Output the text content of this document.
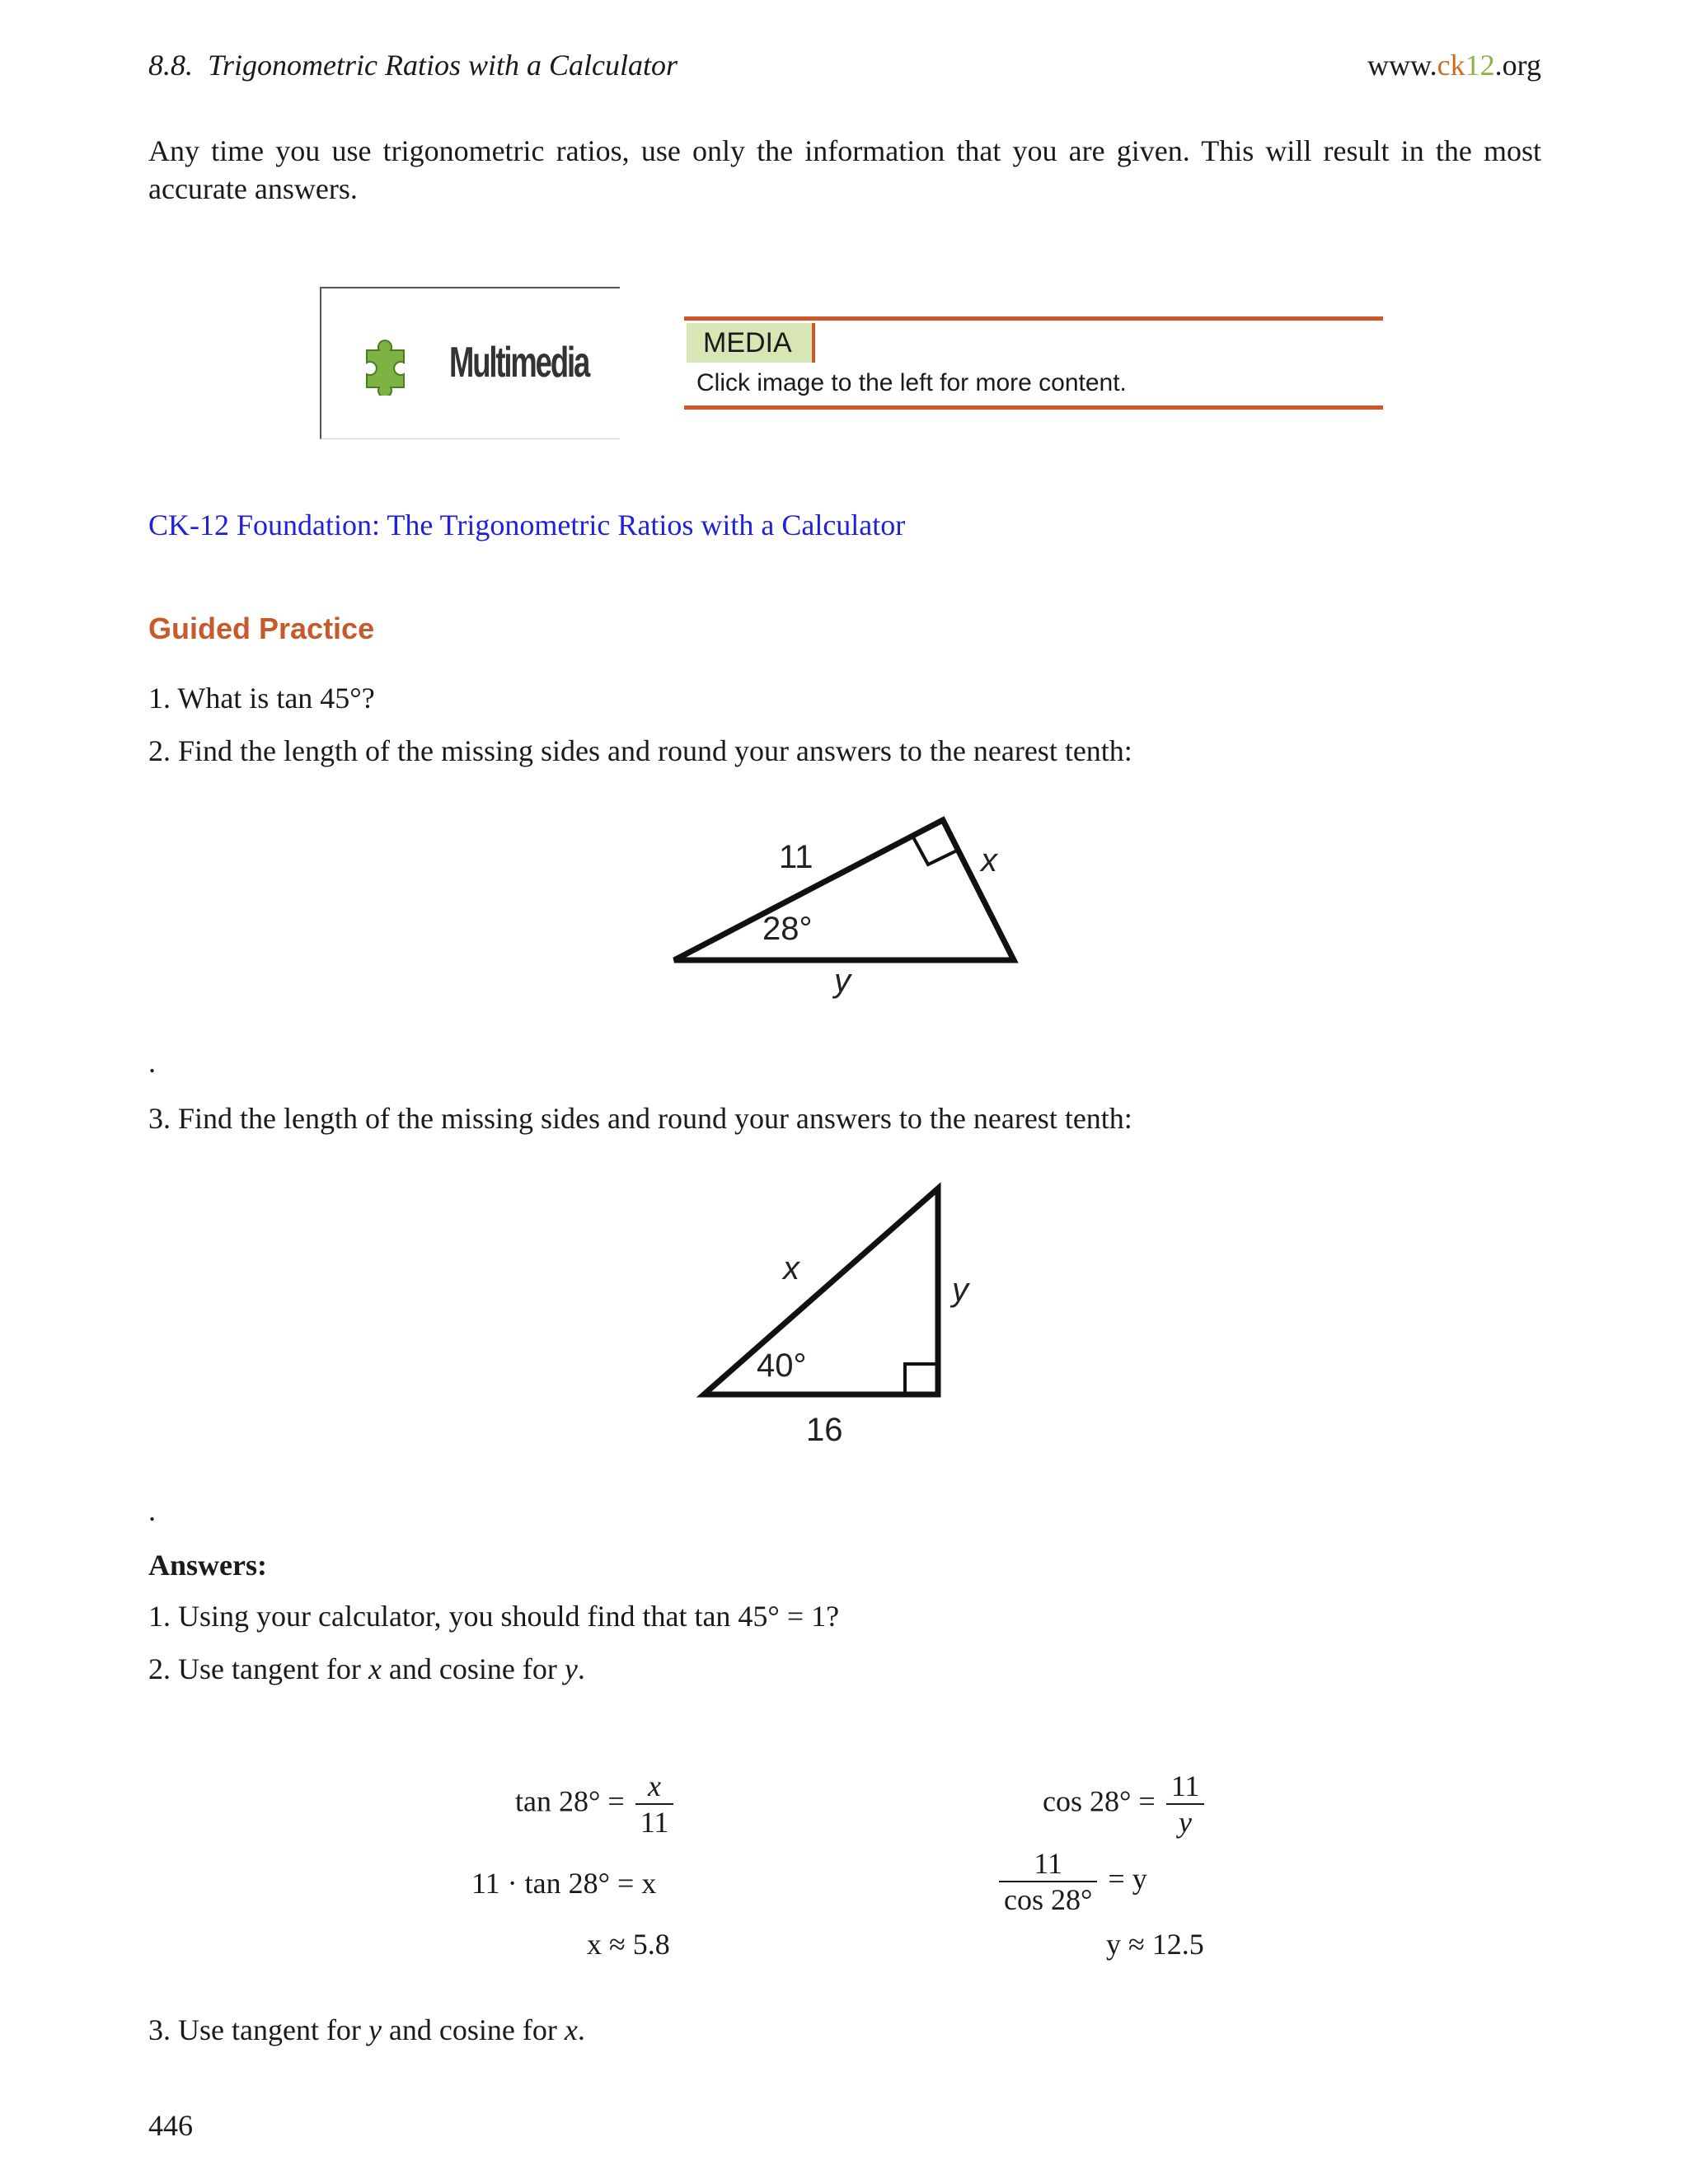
8.8. Trigonometric Ratios with a Calculator	www.ck12.org
Any time you use trigonometric ratios, use only the information that you are given. This will result in the most accurate answers.
Multimedia	MEDIA
Click image to the left for more content.
CK-12 Foundation: The Trigonometric Ratios with a Calculator
Guided Practice
1. What is tan 45°?
2. Find the length of the missing sides and round your answers to the nearest tenth:
11
28°
x
y
.
3. Find the length of the missing sides and round your answers to the nearest tenth:
x
y
40°
16
.
Answers:
1. Using your calculator, you should find that tan 45° = 1?
2. Use tangent for x and cosine for y.
$\tan 28^\circ = \frac{x}{11}$
11 · tan 28° = x
x ≈ 5.8
$\cos 28^\circ = \frac{11}{y}$
$\frac{11}{\cos 28^\circ} = y$
y ≈ 12.5
3. Use tangent for y and cosine for x.
446
